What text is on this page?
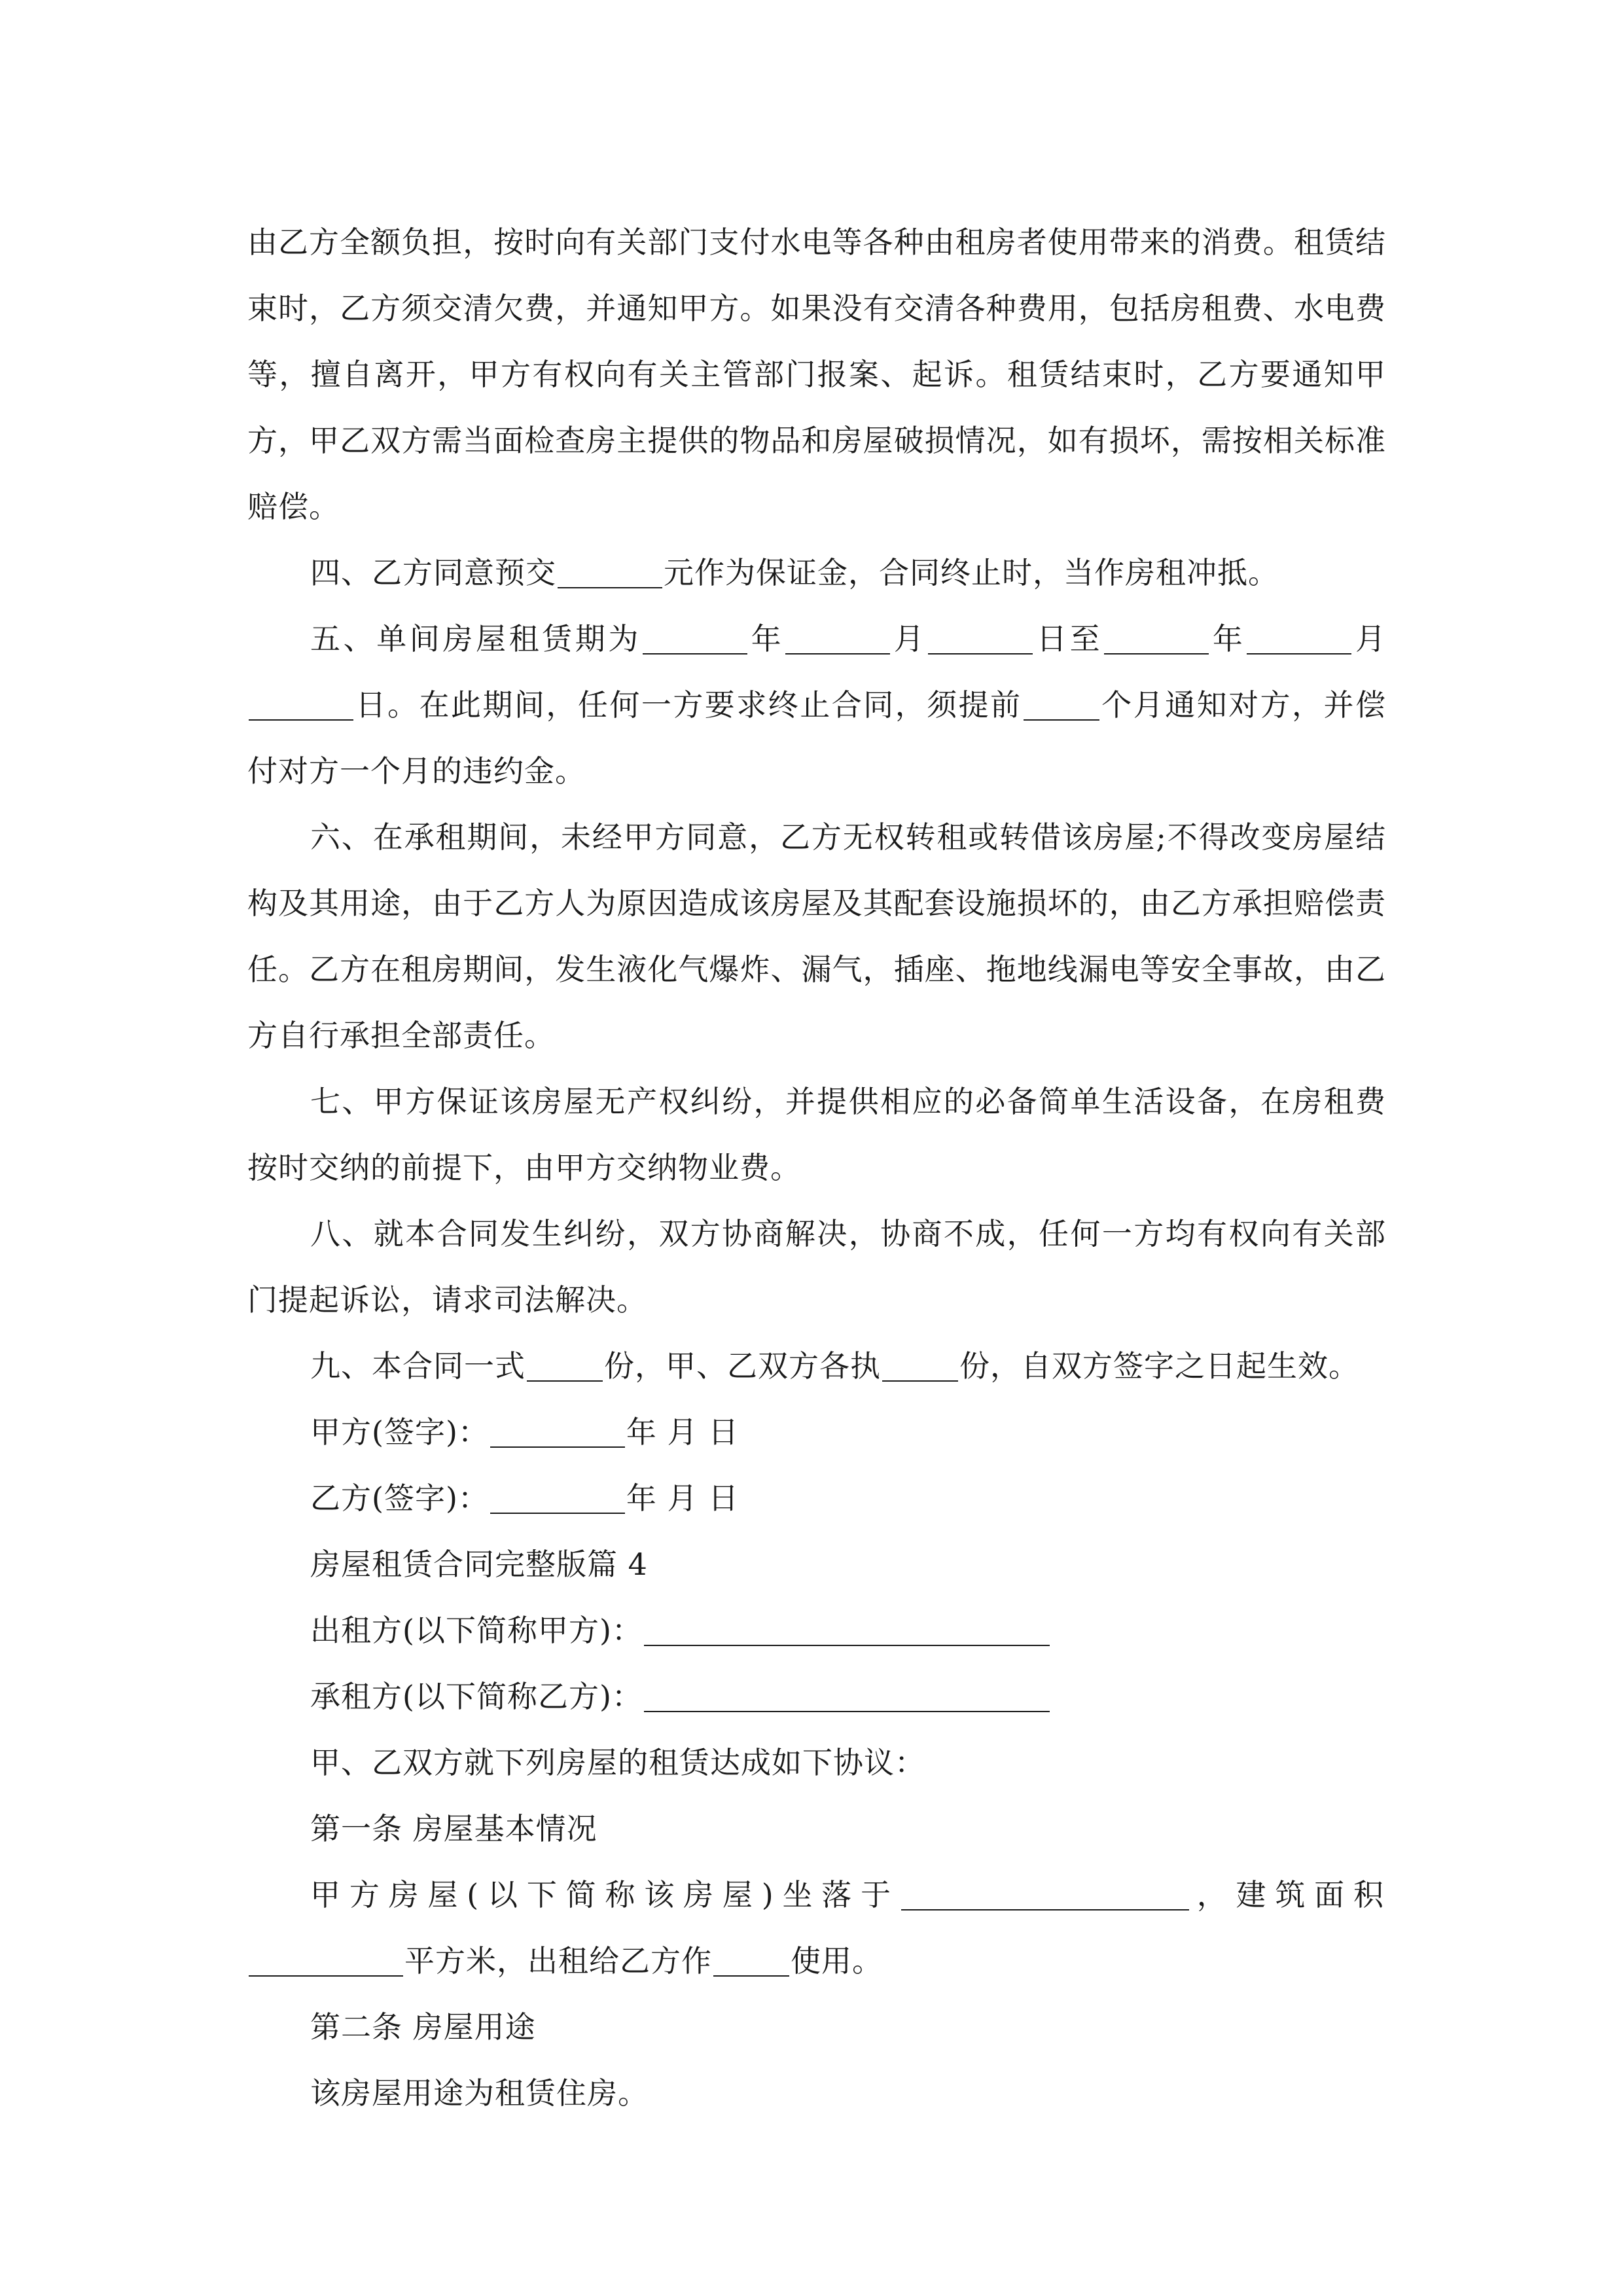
由乙方全额负担，按时向有关部门支付水电等各种由租房者使用带来的消费。租赁结束时，乙方须交清欠费，并通知甲方。如果没有交清各种费用，包括房租费、水电费等，擅自离开，甲方有权向有关主管部门报案、起诉。租赁结束时，乙方要通知甲方，甲乙双方需当面检查房主提供的物品和房屋破损情况，如有损坏，需按相关标准赔偿。

四、乙方同意预交	元作为保证金，合同终止时，当作房租冲抵。

五、单间房屋租赁期为	年	月	日至	年	月日。在此期间，任何一方要求终止合同，须提前	个月通知对方，并偿付对方一个月的违约金。

六、在承租期间，未经甲方同意，乙方无权转租或转借该房屋;不得改变房屋结构及其用途，由于乙方人为原因造成该房屋及其配套设施损坏的，由乙方承担赔偿责任。乙方在租房期间，发生液化气爆炸、漏气，插座、拖地线漏电等安全事故，由乙方自行承担全部责任。

七、甲方保证该房屋无产权纠纷，并提供相应的必备简单生活设备，在房租费按时交纳的前提下，由甲方交纳物业费。

八、就本合同发生纠纷，双方协商解决，协商不成，任何一方均有权向有关部门提起诉讼，请求司法解决。

九、本合同一式	份，甲、乙双方各执	份，自双方签字之日起生效。

甲方(签字)：	年 月 日

乙方(签字)：	年 月 日

房屋租赁合同完整版篇 4

出租方(以下简称甲方)：

承租方(以下简称乙方)：

甲、乙双方就下列房屋的租赁达成如下协议：

第一条 房屋基本情况

甲方房屋(以下简称该房屋)坐落于	，建筑面积平方米，出租给乙方作	使用。

第二条 房屋用途

该房屋用途为租赁住房。
